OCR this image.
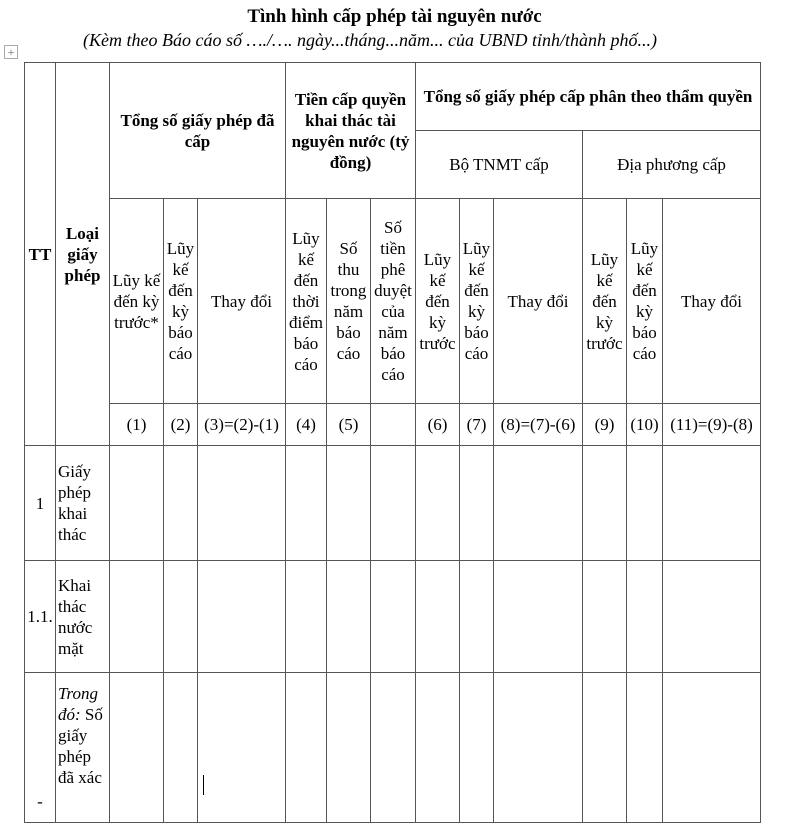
Tình hình cấp phép tài nguyên nước
(Kèm theo Báo cáo số …./…. ngày...tháng...năm... của UBND tỉnh/thành phố...)
+
TT	Loại giấy phép	Tổng số giấy phép đã cấp			Tiền cấp quyền khai thác tài nguyên nước (tỷ đồng)			Tổng số giấy phép cấp phân theo thẩm quyền					
								Bộ TNMT cấp			Địa phương cấp		
		Lũy kế đến kỳ trước*	Lũy kế đến kỳ báo cáo	Thay đổi	Lũy kế đến thời điểm báo cáo	Số thu trong năm báo cáo	Số tiền phê duyệt của năm báo cáo	Lũy kế đến kỳ trước	Lũy kế đến kỳ báo cáo	Thay đổi	Lũy kế đến kỳ trước	Lũy kế đến kỳ báo cáo	Thay đổi
		(1)	(2)	(3)=(2)-(1)	(4)	(5)		(6)	(7)	(8)=(7)-(6)	(9)	(10)	(11)=(9)-(8)
1	Giấy phép khai thác												
1.1.	Khai thác nước mặt												
-	Trong đó: Số giấy phép đã xác												
